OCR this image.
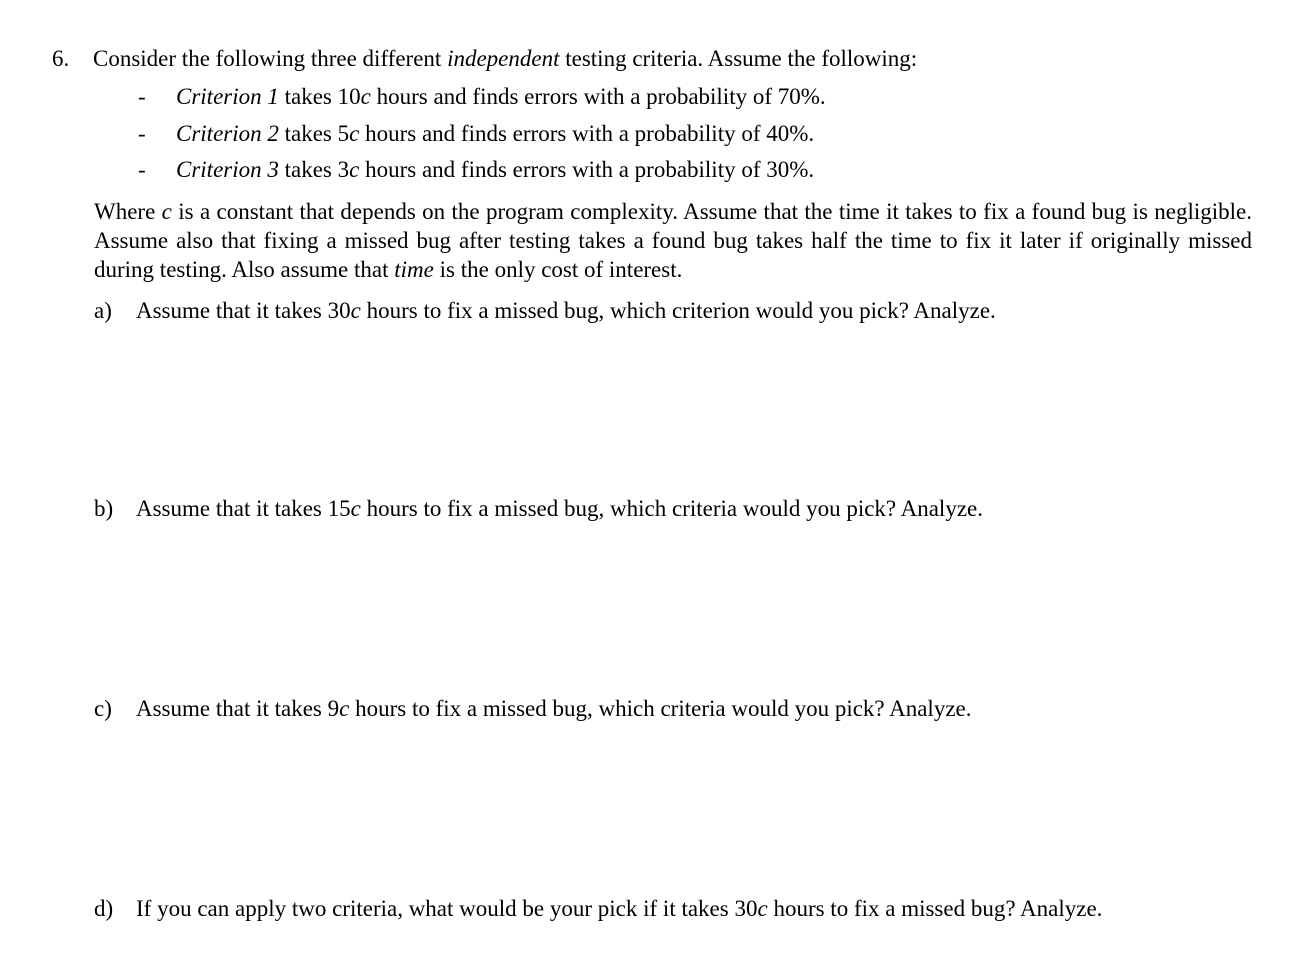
6. Consider the following three different independent testing criteria. Assume the following:
- Criterion 1 takes 10c hours and finds errors with a probability of 70%.
- Criterion 2 takes 5c hours and finds errors with a probability of 40%.
- Criterion 3 takes 3c hours and finds errors with a probability of 30%.
Where c is a constant that depends on the program complexity. Assume that the time it takes to fix a found bug is negligible. Assume also that fixing a missed bug after testing takes a found bug takes half the time to fix it later if originally missed during testing. Also assume that time is the only cost of interest.
a) Assume that it takes 30c hours to fix a missed bug, which criterion would you pick? Analyze.
b) Assume that it takes 15c hours to fix a missed bug, which criteria would you pick? Analyze.
c) Assume that it takes 9c hours to fix a missed bug, which criteria would you pick? Analyze.
d) If you can apply two criteria, what would be your pick if it takes 30c hours to fix a missed bug? Analyze.
